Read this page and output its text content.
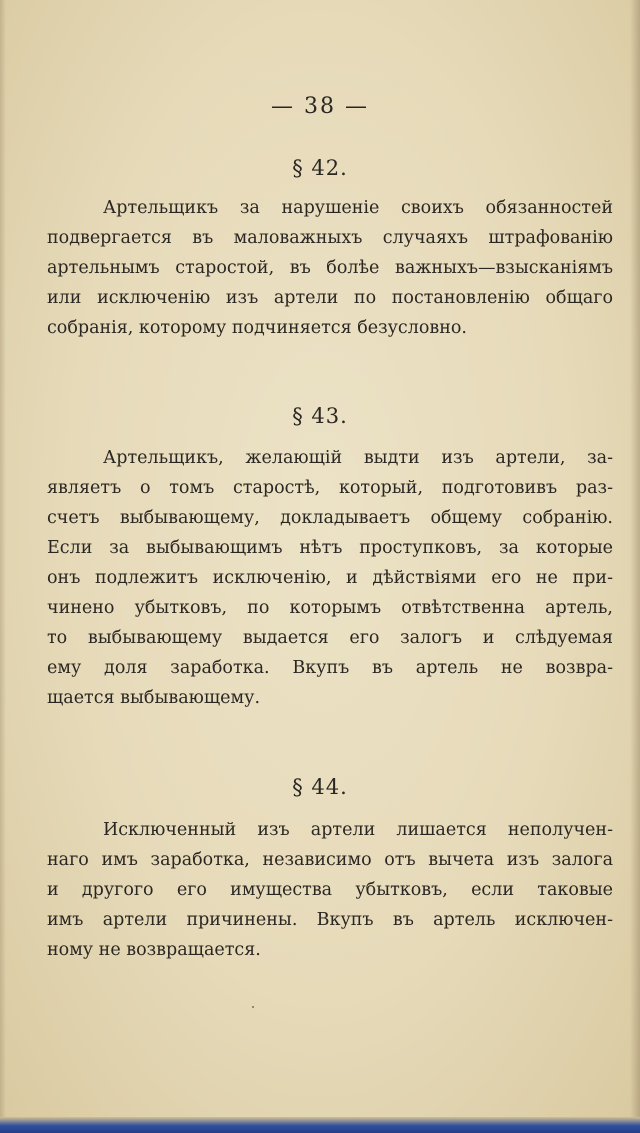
— 38 —
§ 42.
Артельщикъ за нарушеніе своихъ обязанностей
подвергается въ маловажныхъ случаяхъ штрафованію
артельнымъ старостой, въ болѣе важныхъ—взысканіямъ
или исключенію изъ артели по постановленію общаго
собранія, которому подчиняется безусловно.
§ 43.
Артельщикъ, желающій выдти изъ артели, за-
являетъ о томъ старостѣ, который, подготовивъ раз-
счетъ выбывающему, докладываетъ общему собранію.
Если за выбывающимъ нѣтъ проступковъ, за которые
онъ подлежитъ исключенію, и дѣйствіями его не при-
чинено убытковъ, по которымъ отвѣтственна артель,
то выбывающему выдается его залогъ и слѣдуемая
ему доля заработка. Вкупъ въ артель не возвра-
щается выбывающему.
§ 44.
Исключенный изъ артели лишается неполучен-
наго имъ заработка, независимо отъ вычета изъ залога
и другого его имущества убытковъ, если таковые
имъ артели причинены. Вкупъ въ артель исключен-
ному не возвращается.
